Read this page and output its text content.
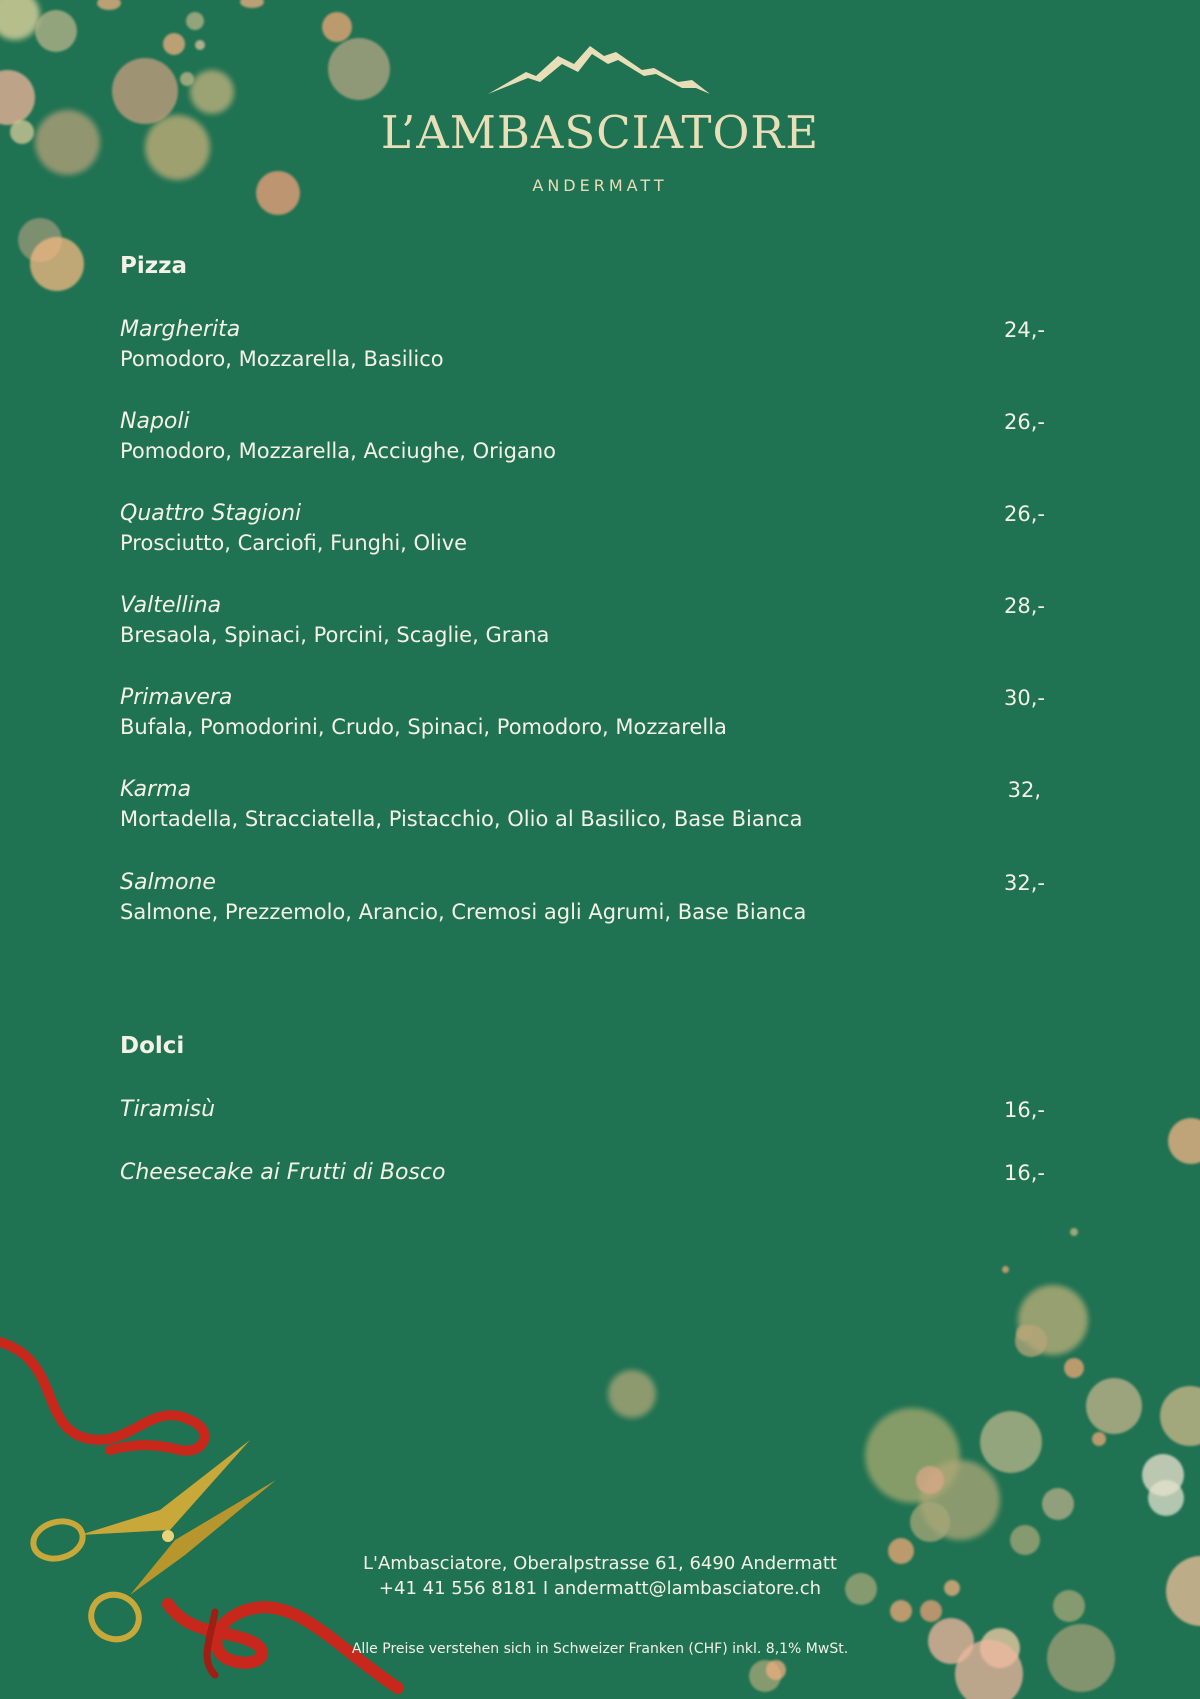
L’AMBASCIATORE
ANDERMATT
Pizza
Margherita
Pomodoro, Mozzarella, Basilico
24,-
Napoli
Pomodoro, Mozzarella, Acciughe, Origano
26,-
Quattro Stagioni
Prosciutto, Carciofi, Funghi, Olive
26,-
Valtellina
Bresaola, Spinaci, Porcini, Scaglie, Grana
28,-
Primavera
Bufala, Pomodorini, Crudo, Spinaci, Pomodoro, Mozzarella
30,-
Karma
Mortadella, Stracciatella, Pistacchio, Olio al Basilico, Base Bianca
32,
Salmone
Salmone, Prezzemolo, Arancio, Cremosi agli Agrumi, Base Bianca
32,-
Dolci
Tiramisù	16,-
Cheesecake ai Frutti di Bosco	16,-
L'Ambasciatore, Oberalpstrasse 61, 6490 Andermatt
+41 41 556 8181 I andermatt@lambasciatore.ch
Alle Preise verstehen sich in Schweizer Franken (CHF) inkl. 8,1% MwSt.
